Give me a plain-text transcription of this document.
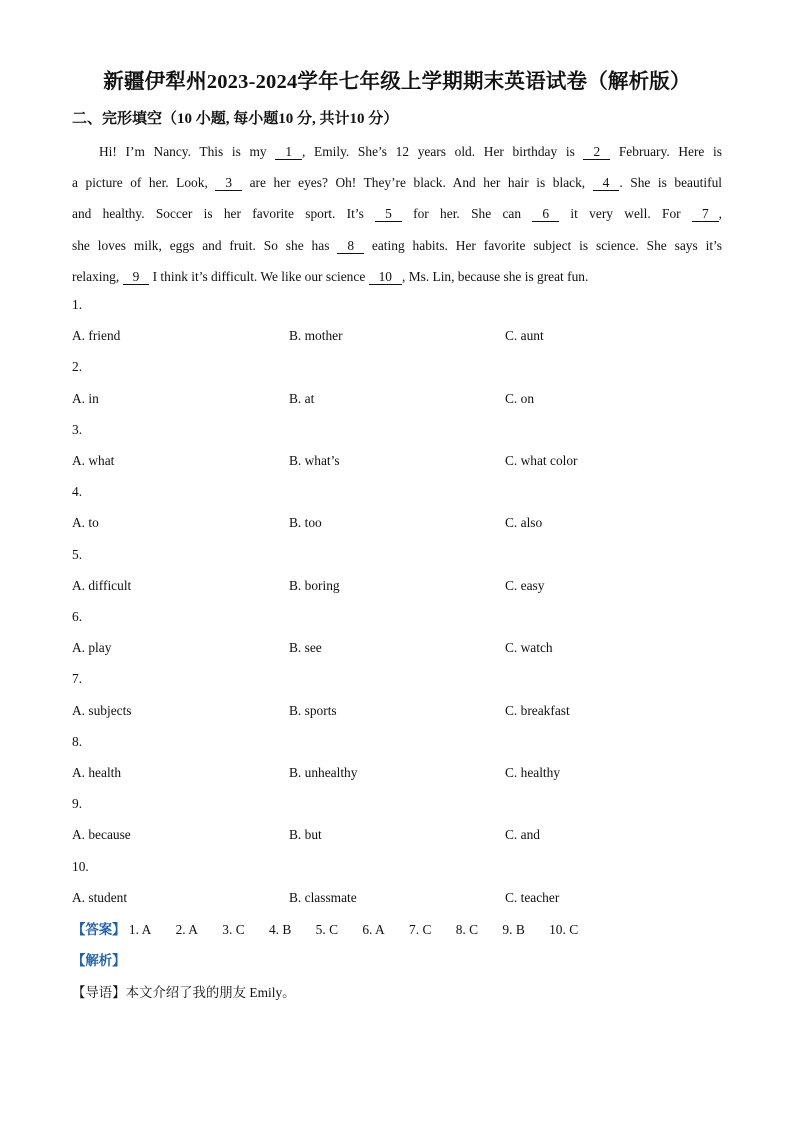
新疆伊犁州2023-2024学年七年级上学期期末英语试卷（解析版）
二、完形填空（10 小题, 每小题10 分, 共计10 分）
Hi! I’m Nancy. This is my 1 , Emily. She’s 12 years old. Her birthday is 2 February. Here is
a picture of her. Look, 3 are her eyes? Oh! They’re black. And her hair is black, 4 . She is beautiful
and healthy. Soccer is her favorite sport. It’s 5 for her. She can 6 it very well. For 7 ,
she loves milk, eggs and fruit. So she has 8 eating habits. Her favorite subject is science. She says it’s
relaxing, 9 I think it’s difficult. We like our science 10 , Ms. Lin, because she is great fun.
1.
A. friend	B. mother	C. aunt
2.
A. in	B. at	C. on
3.
A. what	B. what’s	C. what color
4.
A. to	B. too	C. also
5.
A. difficult	B. boring	C. easy
6.
A. play	B. see	C. watch
7.
A. subjects	B. sports	C. breakfast
8.
A. health	B. unhealthy	C. healthy
9.
A. because	B. but	C. and
10.
A. student	B. classmate	C. teacher
【答案】 1. A 2. A 3. C 4. B 5. C 6. A 7. C 8. C 9. B 10. C
【解析】
【导语】本文介绍了我的朋友 Emily。
